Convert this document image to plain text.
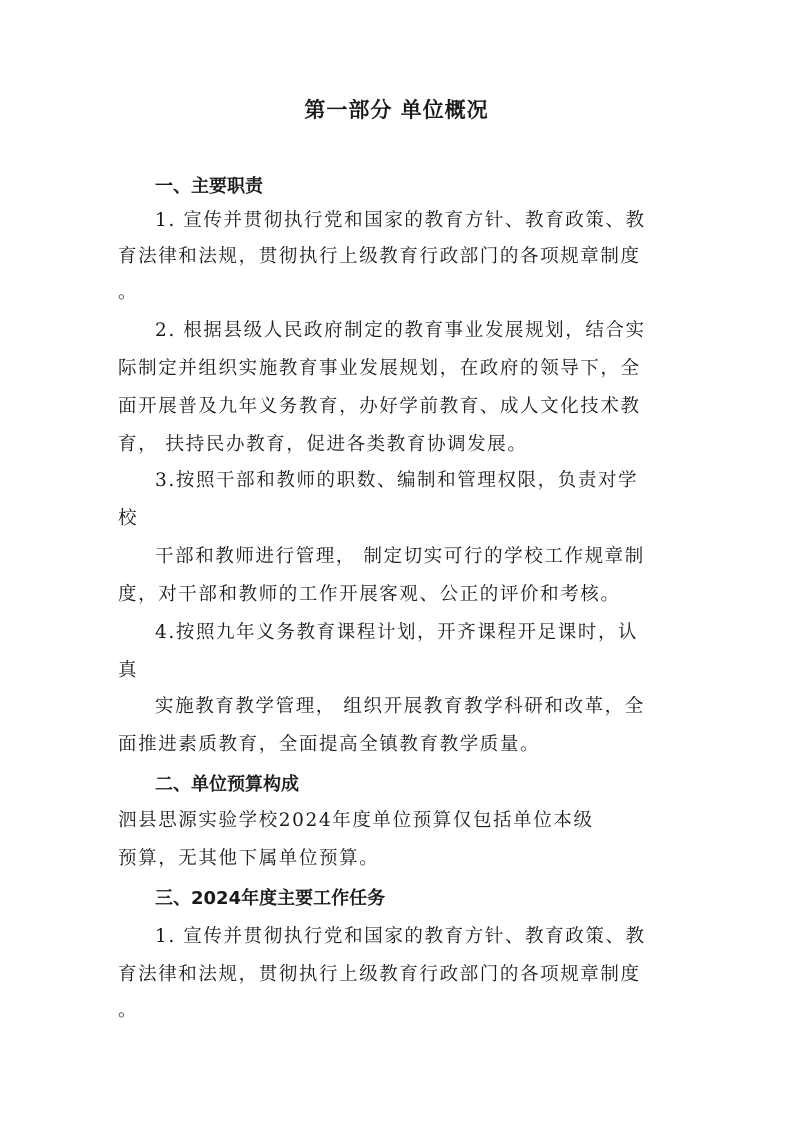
第一部分 单位概况
一、主要职责
1. 宣传并贯彻执行党和国家的教育方针、教育政策、教
育法律和法规，贯彻执行上级教育行政部门的各项规章制度
。
2. 根据县级人民政府制定的教育事业发展规划，结合实
际制定并组织实施教育事业发展规划，在政府的领导下，全
面开展普及九年义务教育，办好学前教育、成人文化技术教
育， 扶持民办教育，促进各类教育协调发展。
3.按照干部和教师的职数、编制和管理权限，负责对学
校
干部和教师进行管理， 制定切实可行的学校工作规章制
度，对干部和教师的工作开展客观、公正的评价和考核。
4.按照九年义务教育课程计划，开齐课程开足课时，认
真
实施教育教学管理， 组织开展教育教学科研和改革，全
面推进素质教育，全面提高全镇教育教学质量。
二、单位预算构成
泗县思源实验学校2024年度单位预算仅包括单位本级
预算，无其他下属单位预算。
三、2024年度主要工作任务
1. 宣传并贯彻执行党和国家的教育方针、教育政策、教
育法律和法规，贯彻执行上级教育行政部门的各项规章制度
。
